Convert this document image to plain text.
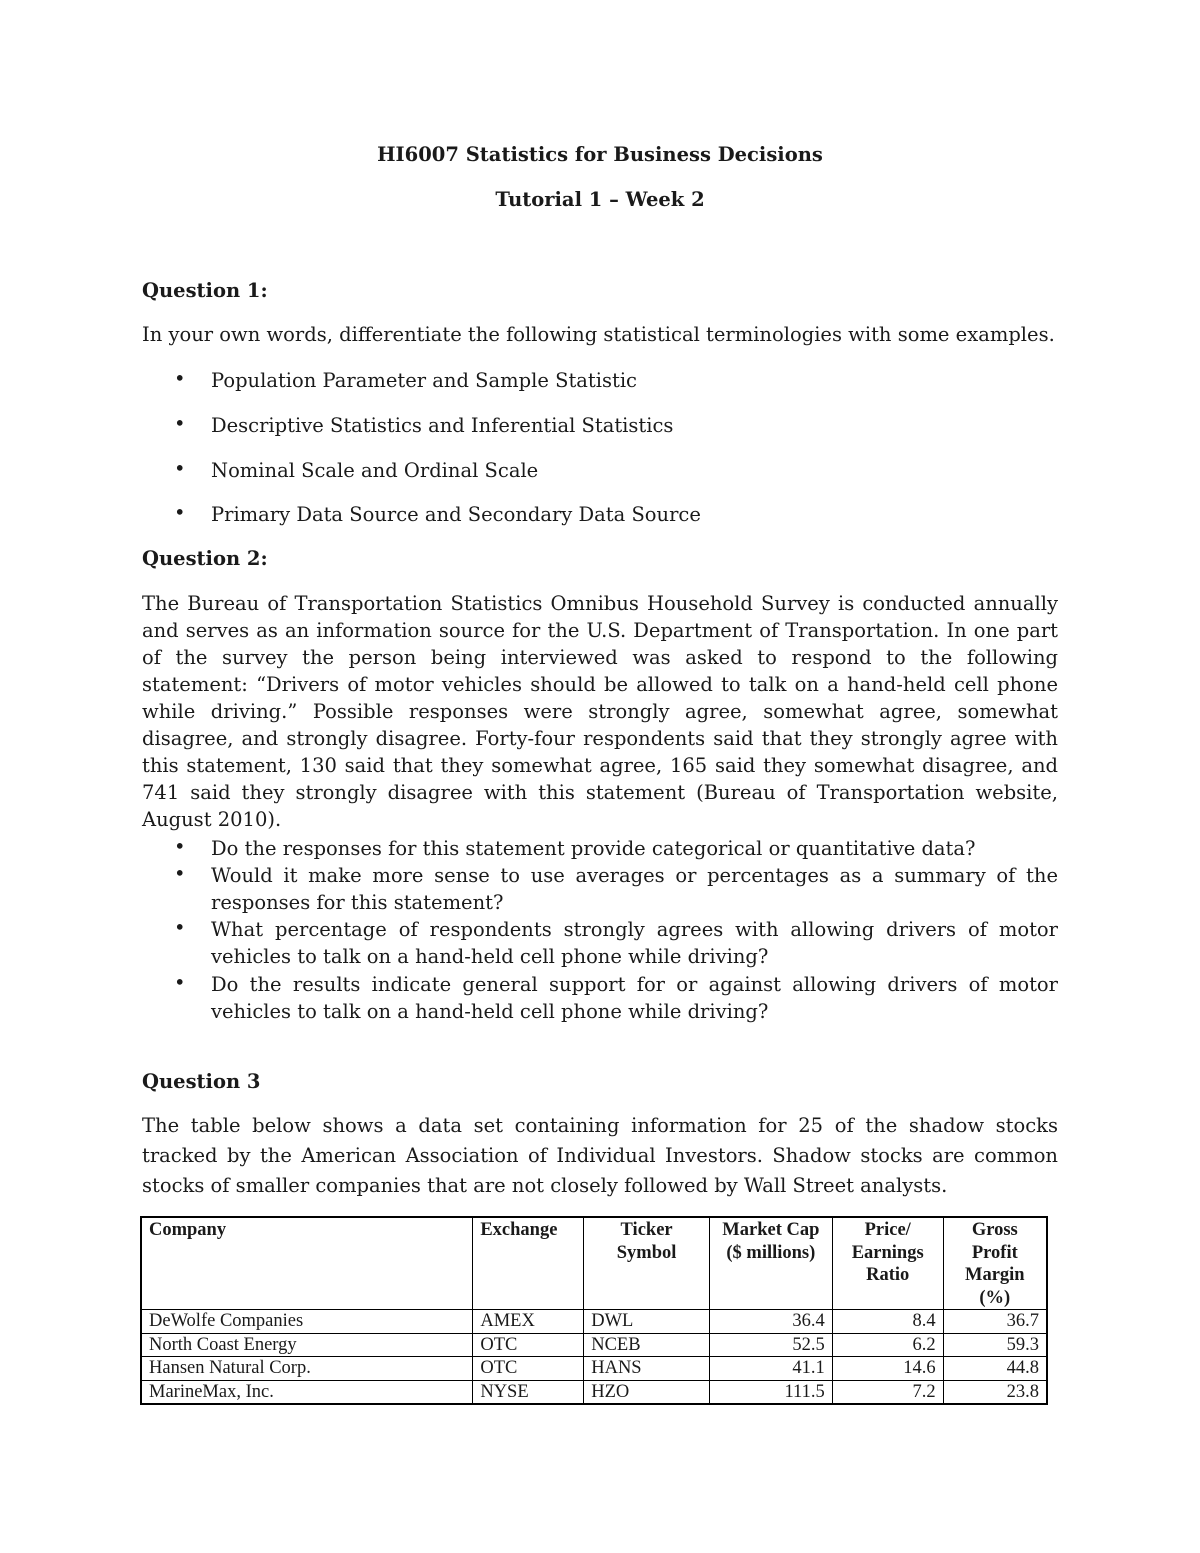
HI6007 Statistics for Business Decisions
Tutorial 1 – Week 2
Question 1:

In your own words, differentiate the following statistical terminologies with some examples.

• Population Parameter and Sample Statistic
• Descriptive Statistics and Inferential Statistics
• Nominal Scale and Ordinal Scale
• Primary Data Source and Secondary Data Source
Question 2:

The Bureau of Transportation Statistics Omnibus Household Survey is conducted annually and serves as an information source for the U.S. Department of Transportation. In one part of the survey the person being interviewed was asked to respond to the following statement: “Drivers of motor vehicles should be allowed to talk on a hand-held cell phone while driving.” Possible responses were strongly agree, somewhat agree, somewhat disagree, and strongly disagree. Forty-four respondents said that they strongly agree with this statement, 130 said that they somewhat agree, 165 said they somewhat disagree, and 741 said they strongly disagree with this statement (Bureau of Transportation website, August 2010).

• Do the responses for this statement provide categorical or quantitative data?
• Would it make more sense to use averages or percentages as a summary of the responses for this statement?
• What percentage of respondents strongly agrees with allowing drivers of motor vehicles to talk on a hand-held cell phone while driving?
• Do the results indicate general support for or against allowing drivers of motor vehicles to talk on a hand-held cell phone while driving?
Question 3

The table below shows a data set containing information for 25 of the shadow stocks tracked by the American Association of Individual Investors. Shadow stocks are common stocks of smaller companies that are not closely followed by Wall Street analysts.

Company	Exchange	Ticker Symbol	Market Cap ($ millions)	Price/ Earnings Ratio	Gross Profit Margin (%)
DeWolfe Companies	AMEX	DWL	36.4	8.4	36.7
North Coast Energy	OTC	NCEB	52.5	6.2	59.3
Hansen Natural Corp.	OTC	HANS	41.1	14.6	44.8
MarineMax, Inc.	NYSE	HZO	111.5	7.2	23.8
